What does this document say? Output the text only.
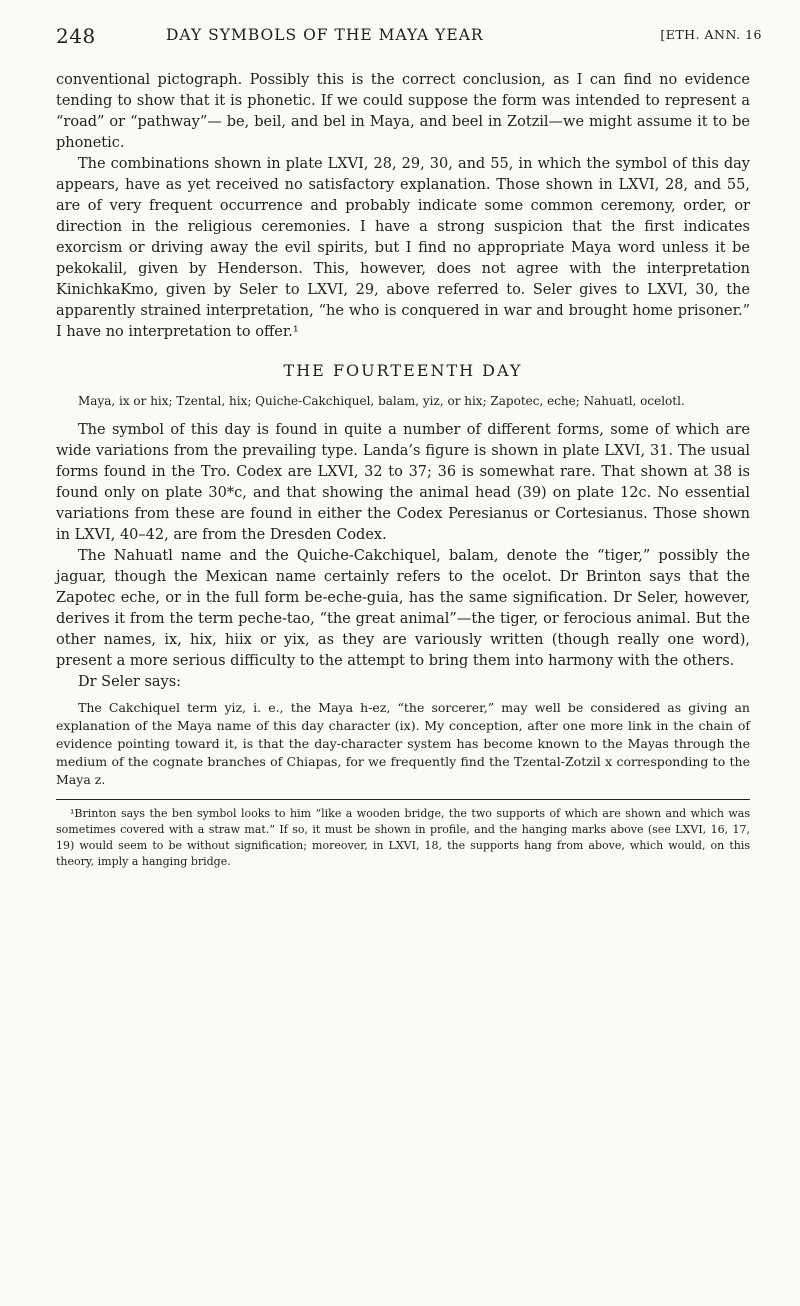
248	DAY SYMBOLS OF THE MAYA YEAR	[ETH. ANN. 16

conventional pictograph. Possibly this is the correct conclusion, as I can find no evidence tending to show that it is phonetic. If we could suppose the form was intended to represent a “road” or “pathway”— be, beil, and bel in Maya, and beel in Zotzil—we might assume it to be phonetic.

The combinations shown in plate LXVI, 28, 29, 30, and 55, in which the symbol of this day appears, have as yet received no satisfactory explanation. Those shown in LXVI, 28, and 55, are of very frequent occurrence and probably indicate some common ceremony, order, or direction in the religious ceremonies. I have a strong suspicion that the first indicates exorcism or driving away the evil spirits, but I find no appropriate Maya word unless it be pekokalil, given by Henderson. This, however, does not agree with the interpretation KinichkaKmo, given by Seler to LXVI, 29, above referred to. Seler gives to LXVI, 30, the apparently strained interpretation, “he who is conquered in war and brought home prisoner.” I have no interpretation to offer.¹

THE FOURTEENTH DAY

Maya, ix or hix; Tzental, hix; Quiche-Cakchiquel, balam, yiz, or hix; Zapotec, eche; Nahuatl, ocelotl.

The symbol of this day is found in quite a number of different forms, some of which are wide variations from the prevailing type. Landa’s figure is shown in plate LXVI, 31. The usual forms found in the Tro. Codex are LXVI, 32 to 37; 36 is somewhat rare. That shown at 38 is found only on plate 30*c, and that showing the animal head (39) on plate 12c. No essential variations from these are found in either the Codex Peresianus or Cortesianus. Those shown in LXVI, 40–42, are from the Dresden Codex.

The Nahuatl name and the Quiche-Cakchiquel, balam, denote the “tiger,” possibly the jaguar, though the Mexican name certainly refers to the ocelot. Dr Brinton says that the Zapotec eche, or in the full form be-eche-guia, has the same signification. Dr Seler, however, derives it from the term peche-tao, “the great animal”—the tiger, or ferocious animal. But the other names, ix, hix, hiix or yix, as they are variously written (though really one word), present a more serious difficulty to the attempt to bring them into harmony with the others.

Dr Seler says:

The Cakchiquel term yiz, i. e., the Maya h-ez, “the sorcerer,” may well be considered as giving an explanation of the Maya name of this day character (ix). My conception, after one more link in the chain of evidence pointing toward it, is that the day-character system has become known to the Mayas through the medium of the cognate branches of Chiapas, for we frequently find the Tzental-Zotzil x corresponding to the Maya z.

¹Brinton says the ben symbol looks to him “like a wooden bridge, the two supports of which are shown and which was sometimes covered with a straw mat.” If so, it must be shown in profile, and the hanging marks above (see LXVI, 16, 17, 19) would seem to be without signification; moreover, in LXVI, 18, the supports hang from above, which would, on this theory, imply a hanging bridge.
